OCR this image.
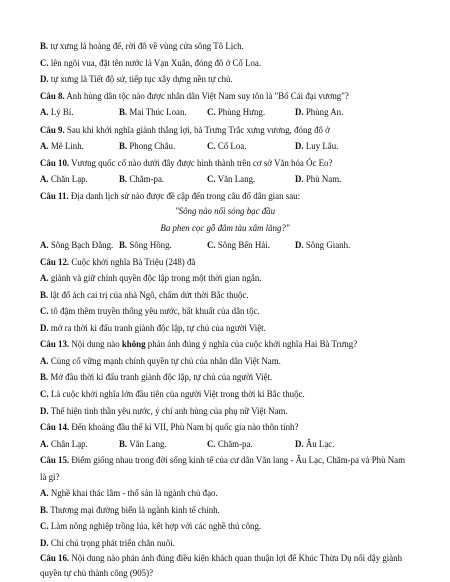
B. tự xưng là hoàng đế, rời đô về vùng cửa sông Tô Lịch.
C. lên ngôi vua, đặt tên nước là Vạn Xuân, đóng đô ở Cổ Loa.
D. tự xưng là Tiết độ sứ, tiếp tục xây dựng nền tự chủ.
Câu 8. Anh hùng dân tộc nào được nhân dân Việt Nam suy tôn là "Bố Cái đại vương"?
A. Lý Bí.	B. Mai Thúc Loan. C. Phùng Hưng.	D. Phùng An.
Câu 9. Sau khi khởi nghĩa giành thắng lợi, bà Trưng Trắc xưng vương, đóng đô ở
A. Mê Linh.	B. Phong Châu.	C. Cổ Loa.	D. Luy Lâu.
Câu 10. Vương quốc cổ nào dưới đây được hình thành trên cơ sở Văn hóa Óc Eo?
A. Chăn Lạp.	B. Chăm-pa.	C. Văn Lang.	D. Phù Nam.
Câu 11. Địa danh lịch sử nào được đề cập đến trong câu đố dân gian sau:
"Sông nào nổi sóng bạc đầu
Ba phen cọc gỗ đâm tàu xâm lăng?"
A. Sông Bạch Đằng. B. Sông Hồng.	C. Sông Bến Hải.	D. Sông Gianh.
Câu 12. Cuộc khởi nghĩa Bà Triệu (248) đã
A. giành và giữ chính quyền độc lập trong một thời gian ngắn.
B. lật đổ ách cai trị của nhà Ngô, chấm dứt thời Bắc thuộc.
C. tô đậm thêm truyền thống yêu nước, bất khuất của dân tộc.
D. mở ra thời kì đấu tranh giành độc lập, tự chủ của người Việt.
Câu 13. Nội dung nào không phản ánh đúng ý nghĩa của cuộc khởi nghĩa Hai Bà Trưng?
A. Củng cố vững mạnh chính quyền tự chủ của nhân dân Việt Nam.
B. Mở đầu thời kì đấu tranh giành độc lập, tự chủ của người Việt.
C. Là cuộc khởi nghĩa lớn đầu tiên của người Việt trong thời kì Bắc thuộc.
D. Thể hiện tinh thần yêu nước, ý chí anh hùng của phụ nữ Việt Nam.
Câu 14. Đến khoảng đầu thế kỉ VII, Phù Nam bị quốc gia nào thôn tính?
A. Chân Lạp.	B. Văn Lang.	C. Chăm-pa.	D. Âu Lạc.
Câu 15. Điểm giống nhau trong đời sống kinh tế của cư dân Văn lang - Âu Lạc, Chăm-pa và Phù Nam
là gì?
A. Nghề khai thác lâm - thổ sản là ngành chủ đạo.
B. Thương mại đường biển là ngành kinh tế chính.
C. Làm nông nghiệp trồng lúa, kết hợp với các nghề thủ công.
D. Chỉ chú trọng phát triển chăn nuôi.
Câu 16. Nội dung nào phản ánh đúng điều kiện khách quan thuận lợi để Khúc Thừa Dụ nổi dậy giành
quyền tự chủ thành công (905)?
